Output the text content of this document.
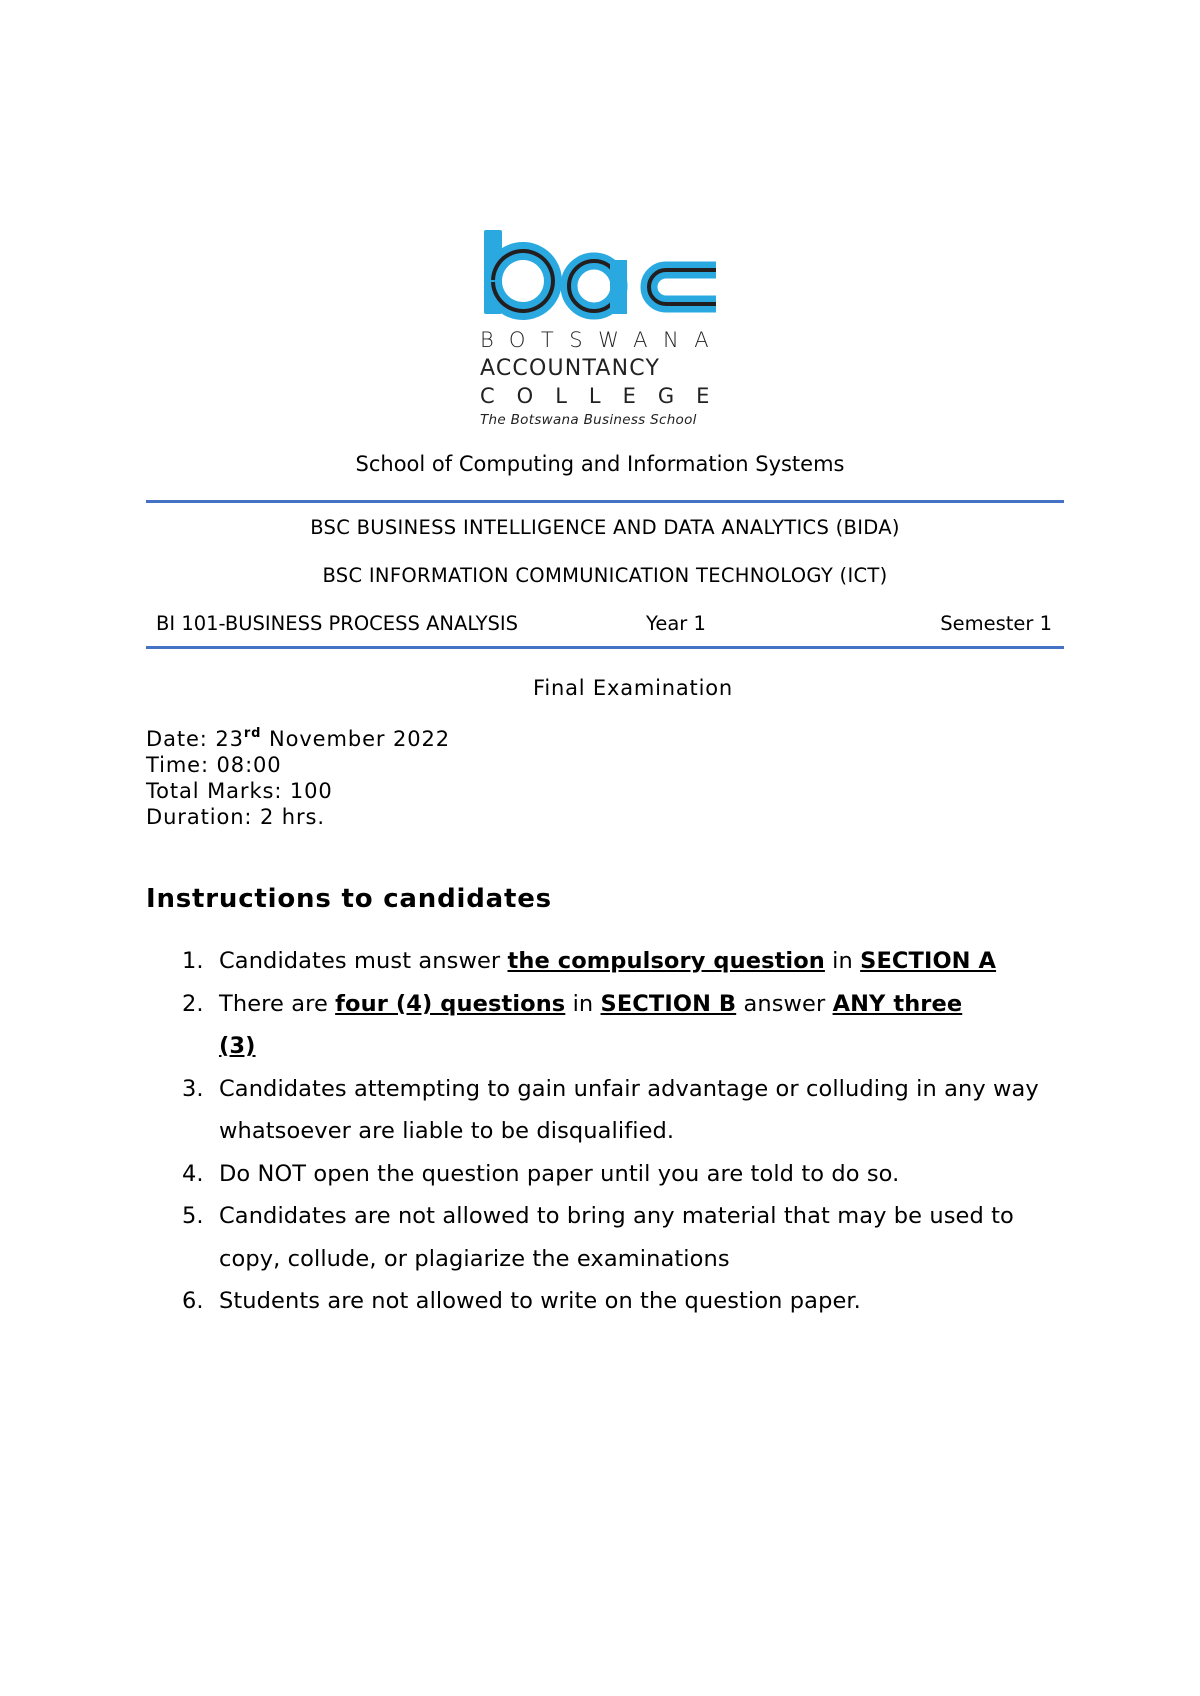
BOTSWANA
ACCOUNTANCY
COLLEGE
The Botswana Business School
School of Computing and Information Systems
BSC BUSINESS INTELLIGENCE AND DATA ANALYTICS (BIDA)
BSC INFORMATION COMMUNICATION TECHNOLOGY (ICT)
BI 101-BUSINESS PROCESS ANALYSIS	Year 1	Semester 1
Final Examination
Date: 23rd November 2022
Time: 08:00
Total Marks: 100
Duration: 2 hrs.
Instructions to candidates
1. Candidates must answer the compulsory question in SECTION A
2. There are four (4) questions in SECTION B answer ANY three (3)
3. Candidates attempting to gain unfair advantage or colluding in any way whatsoever are liable to be disqualified.
4. Do NOT open the question paper until you are told to do so.
5. Candidates are not allowed to bring any material that may be used to copy, collude, or plagiarize the examinations
6. Students are not allowed to write on the question paper.
